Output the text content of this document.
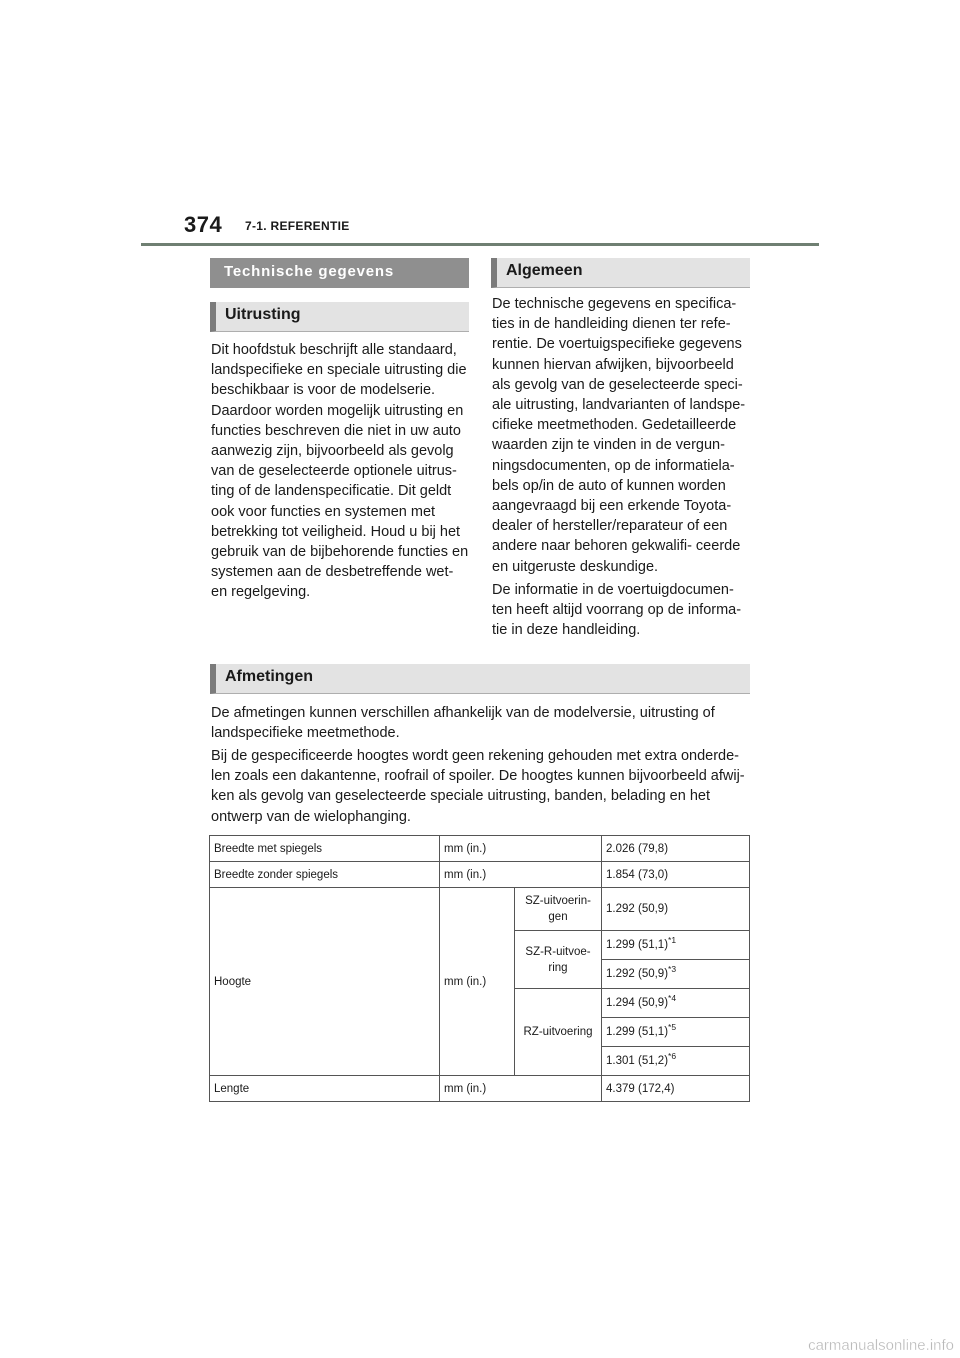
374 7-1. REFERENTIE
Technische gegevens
Uitrusting

Dit hoofdstuk beschrijft alle standaard, landspecifieke en speciale uitrusting die beschikbaar is voor de modelserie. Daardoor worden mogelijk uitrusting en functies beschreven die niet in uw auto aanwezig zijn, bijvoorbeeld als gevolg van de geselecteerde optionele uitrus- ting of de landenspecificatie. Dit geldt ook voor functies en systemen met betrekking tot veiligheid. Houd u bij het gebruik van de bijbehorende functies en systemen aan de desbetreffende wet- en regelgeving.

Algemeen

De technische gegevens en specifica- ties in de handleiding dienen ter refe- rentie. De voertuigspecifieke gegevens kunnen hiervan afwijken, bijvoorbeeld als gevolg van de geselecteerde speci- ale uitrusting, landvarianten of landspe- cifieke meetmethoden. Gedetailleerde waarden zijn te vinden in de vergun- ningsdocumenten, op de informatiela- bels op/in de auto of kunnen worden aangevraagd bij een erkende Toyota-dealer of hersteller/reparateur of een andere naar behoren gekwalifi- ceerde en uitgeruste deskundige.

De informatie in de voertuigdocumen- ten heeft altijd voorrang op de informa- tie in deze handleiding.

Afmetingen

De afmetingen kunnen verschillen afhankelijk van de modelversie, uitrusting of landspecifieke meetmethode.

Bij de gespecificeerde hoogtes wordt geen rekening gehouden met extra onderde- len zoals een dakantenne, roofrail of spoiler. De hoogtes kunnen bijvoorbeeld afwij- ken als gevolg van geselecteerde speciale uitrusting, banden, belading en het ontwerp van de wielophanging.

Breedte met spiegels	mm (in.)		2.026 (79,8)
Breedte zonder spiegels	mm (in.)		1.854 (73,0)
Hoogte	mm (in.)	SZ-uitvoerin- gen	1.292 (50,9)
		SZ-R-uitvoe- ring	1.299 $(51,1)^{*1}$
			1.292 $(50,9)^{*3}$
		RZ-uitvoering	1.294 $(50,9)^{*4}$
			1.299 $(51,1)^{*5}$
			1.301 $(51,2)^{*6}$
Lengte	mm (in.)		4.379 (172,4)
carmanualsonline.info
